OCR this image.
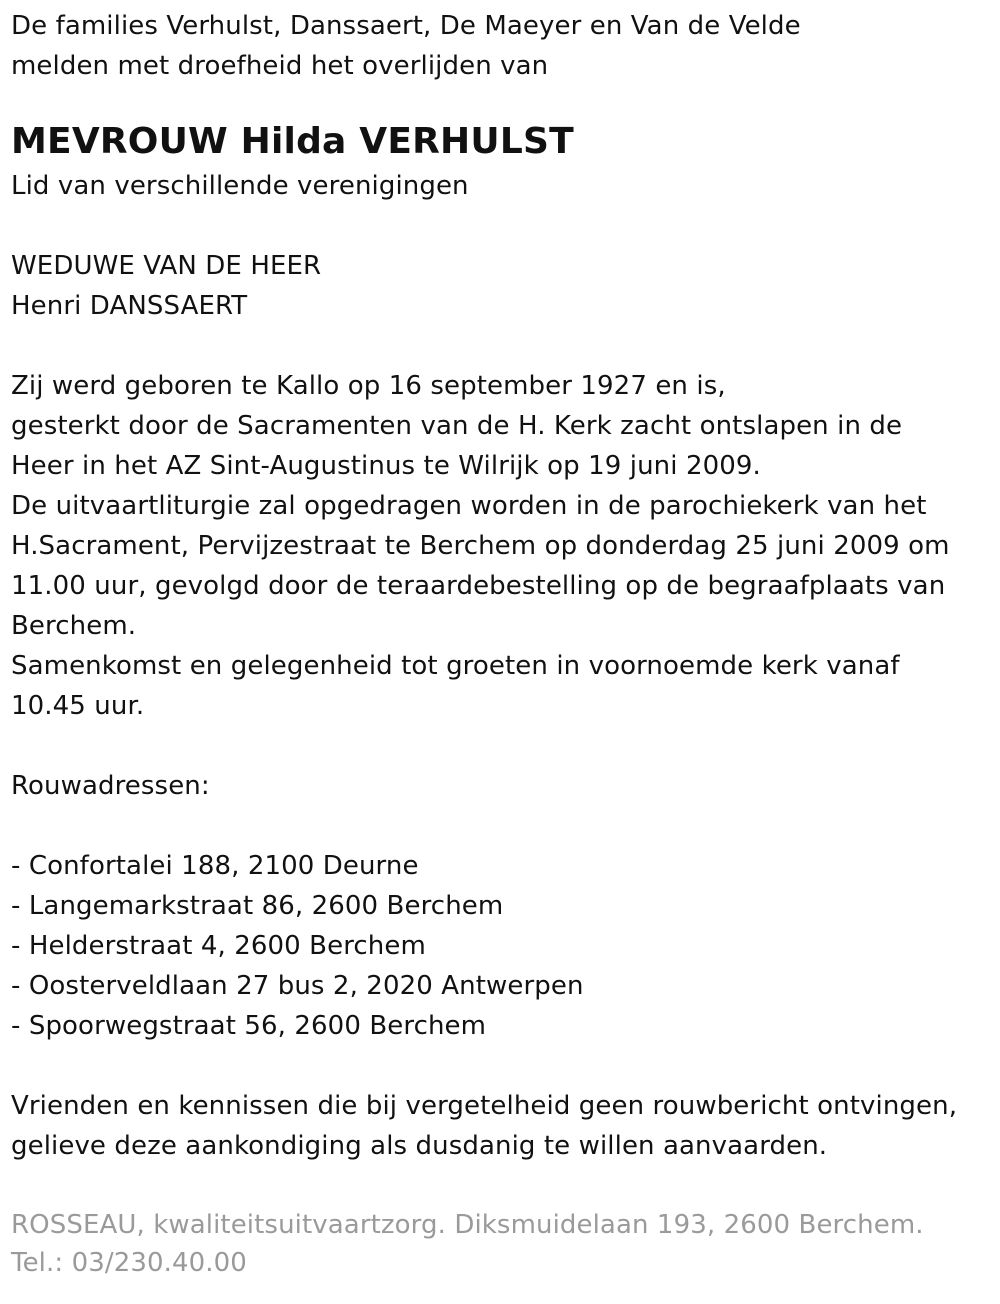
De families Verhulst, Danssaert, De Maeyer en Van de Velde
melden met droefheid het overlijden van
MEVROUW Hilda VERHULST
Lid van verschillende verenigingen
WEDUWE VAN DE HEER
Henri DANSSAERT
Zij werd geboren te Kallo op 16 september 1927 en is,
gesterkt door de Sacramenten van de H. Kerk zacht ontslapen in de
Heer in het AZ Sint-Augustinus te Wilrijk op 19 juni 2009.
De uitvaartliturgie zal opgedragen worden in de parochiekerk van het
H.Sacrament, Pervijzestraat te Berchem op donderdag 25 juni 2009 om
11.00 uur, gevolgd door de teraardebestelling op de begraafplaats van
Berchem.
Samenkomst en gelegenheid tot groeten in voornoemde kerk vanaf
10.45 uur.
Rouwadressen:
- Confortalei 188, 2100 Deurne
- Langemarkstraat 86, 2600 Berchem
- Helderstraat 4, 2600 Berchem
- Oosterveldlaan 27 bus 2, 2020 Antwerpen
- Spoorwegstraat 56, 2600 Berchem
Vrienden en kennissen die bij vergetelheid geen rouwbericht ontvingen,
gelieve deze aankondiging als dusdanig te willen aanvaarden.
ROSSEAU, kwaliteitsuitvaartzorg. Diksmuidelaan 193, 2600 Berchem.
Tel.: 03/230.40.00
